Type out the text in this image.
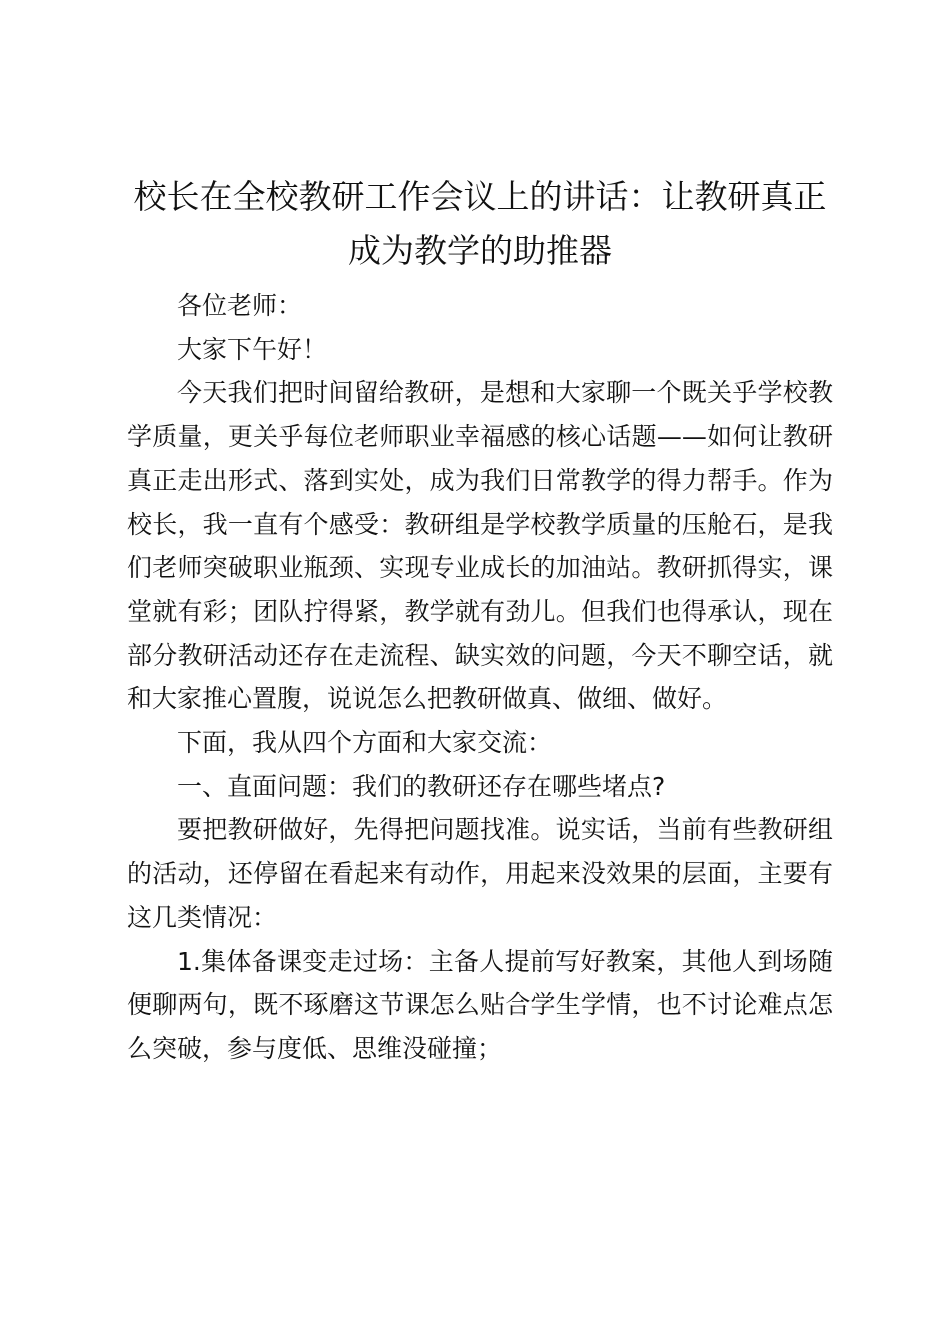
校长在全校教研工作会议上的讲话：让教研真正成为教学的助推器

各位老师：

大家下午好！

今天我们把时间留给教研，是想和大家聊一个既关乎学校教学质量，更关乎每位老师职业幸福感的核心话题——如何让教研真正走出形式、落到实处，成为我们日常教学的得力帮手。作为校长，我一直有个感受：教研组是学校教学质量的压舱石，是我们老师突破职业瓶颈、实现专业成长的加油站。教研抓得实，课堂就有彩；团队拧得紧，教学就有劲儿。但我们也得承认，现在部分教研活动还存在走流程、缺实效的问题，今天不聊空话，就和大家推心置腹，说说怎么把教研做真、做细、做好。

下面，我从四个方面和大家交流：

一、直面问题：我们的教研还存在哪些堵点?

要把教研做好，先得把问题找准。说实话，当前有些教研组的活动，还停留在看起来有动作，用起来没效果的层面，主要有这几类情况：

1.集体备课变走过场：主备人提前写好教案，其他人到场随便聊两句，既不琢磨这节课怎么贴合学生学情，也不讨论难点怎么突破，参与度低、思维没碰撞；
